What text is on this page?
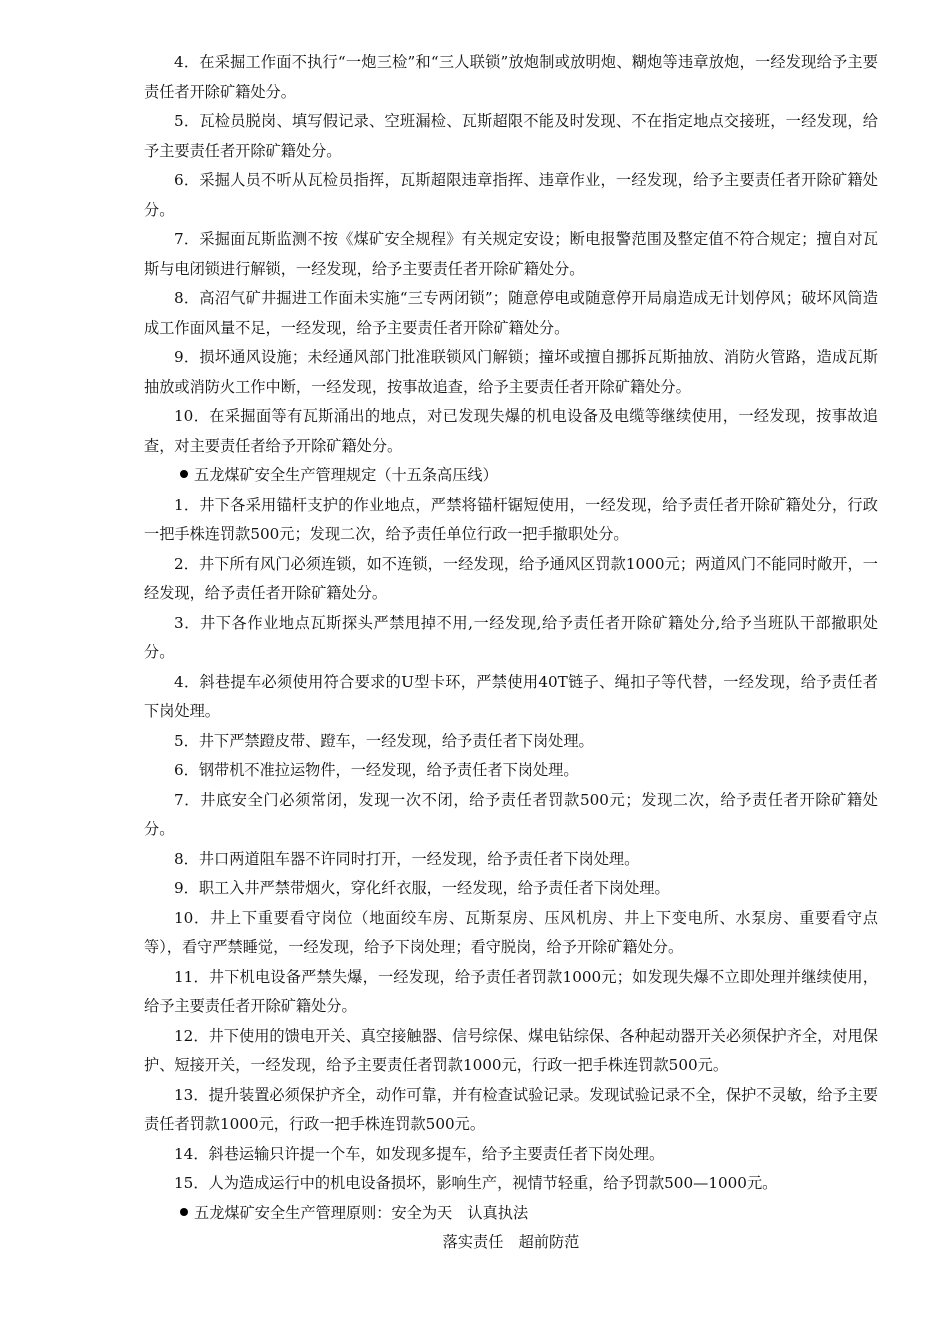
4．在采掘工作面不执行“一炮三检”和“三人联锁”放炮制或放明炮、糊炮等违章放炮，一经发现给予主要责任者开除矿籍处分。

5．瓦检员脱岗、填写假记录、空班漏检、瓦斯超限不能及时发现、不在指定地点交接班，一经发现，给予主要责任者开除矿籍处分。

6．采掘人员不听从瓦检员指挥，瓦斯超限违章指挥、违章作业，一经发现，给予主要责任者开除矿籍处分。

7．采掘面瓦斯监测不按《煤矿安全规程》有关规定安设；断电报警范围及整定值不符合规定；擅自对瓦斯与电闭锁进行解锁，一经发现，给予主要责任者开除矿籍处分。

8．高沼气矿井掘进工作面未实施“三专两闭锁”；随意停电或随意停开局扇造成无计划停风；破坏风筒造成工作面风量不足，一经发现，给予主要责任者开除矿籍处分。

9．损坏通风设施；未经通风部门批准联锁风门解锁；撞坏或擅自挪拆瓦斯抽放、消防火管路，造成瓦斯抽放或消防火工作中断，一经发现，按事故追查，给予主要责任者开除矿籍处分。

10．在采掘面等有瓦斯涌出的地点，对已发现失爆的机电设备及电缆等继续使用，一经发现，按事故追查，对主要责任者给予开除矿籍处分。

五龙煤矿安全生产管理规定（十五条高压线）

1．井下各采用锚杆支护的作业地点，严禁将锚杆锯短使用，一经发现，给予责任者开除矿籍处分，行政一把手株连罚款500元；发现二次，给予责任单位行政一把手撤职处分。

2．井下所有风门必须连锁，如不连锁，一经发现，给予通风区罚款1000元；两道风门不能同时敞开，一经发现，给予责任者开除矿籍处分。

3．井下各作业地点瓦斯探头严禁甩掉不用,一经发现,给予责任者开除矿籍处分,给予当班队干部撤职处分。

4．斜巷提车必须使用符合要求的U型卡环，严禁使用40T链子、绳扣子等代替，一经发现，给予责任者下岗处理。

5．井下严禁蹬皮带、蹬车，一经发现，给予责任者下岗处理。

6．钢带机不准拉运物件，一经发现，给予责任者下岗处理。

7．井底安全门必须常闭，发现一次不闭，给予责任者罚款500元；发现二次，给予责任者开除矿籍处分。

8．井口两道阻车器不许同时打开，一经发现，给予责任者下岗处理。

9．职工入井严禁带烟火，穿化纤衣服，一经发现，给予责任者下岗处理。

10．井上下重要看守岗位（地面绞车房、瓦斯泵房、压风机房、井上下变电所、水泵房、重要看守点等），看守严禁睡觉，一经发现，给予下岗处理；看守脱岗，给予开除矿籍处分。

11．井下机电设备严禁失爆，一经发现，给予责任者罚款1000元；如发现失爆不立即处理并继续使用，给予主要责任者开除矿籍处分。

12．井下使用的馈电开关、真空接触器、信号综保、煤电钻综保、各种起动器开关必须保护齐全，对甩保护、短接开关，一经发现，给予主要责任者罚款1000元，行政一把手株连罚款500元。

13．提升装置必须保护齐全，动作可靠，并有检查试验记录。发现试验记录不全，保护不灵敏，给予主要责任者罚款1000元，行政一把手株连罚款500元。

14．斜巷运输只许提一个车，如发现多提车，给予主要责任者下岗处理。

15．人为造成运行中的机电设备损坏，影响生产，视情节轻重，给予罚款500—1000元。

五龙煤矿安全生产管理原则：安全为天　认真执法

落实责任　超前防范
